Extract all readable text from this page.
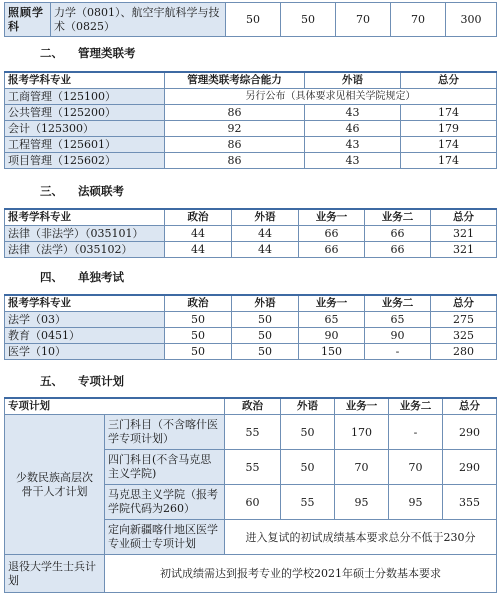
照顾学科	力学（0801）、航空宇航科学与技术（0825）	50	50	70	70	300
二、 管理类联考
报考学科专业	管理类联考综合能力	外语	总分
工商管理（125100）	另行公布（具体要求见相关学院规定）		
公共管理（125200）	86	43	174
会计（125300）	92	46	179
工程管理（125601）	86	43	174
项目管理（125602）	86	43	174
三、 法硕联考
报考学科专业	政治	外语	业务一	业务二	总分
法律（非法学）（035101）	44	44	66	66	321
法律（法学）（035102）	44	44	66	66	321
四、 单独考试
报考学科专业	政治	外语	业务一	业务二	总分
法学（03）	50	50	65	65	275
教育（0451）	50	50	90	90	325
医学（10）	50	50	150	-	280
五、 专项计划
专项计划		政治	外语	业务一	业务二	总分
少数民族高层次骨干人才计划	三门科目（不含喀什医学专项计划）	55	50	170	-	290
	四门科目(不含马克思主义学院)	55	50	70	70	290
	马克思主义学院（报考学院代码为260）	60	55	95	95	355
	定向新疆喀什地区医学专业硕士专项计划	进入复试的初试成绩基本要求总分不低于230分				
退役大学生士兵计划	初试成绩需达到报考专业的学校2021年硕士分数基本要求					
